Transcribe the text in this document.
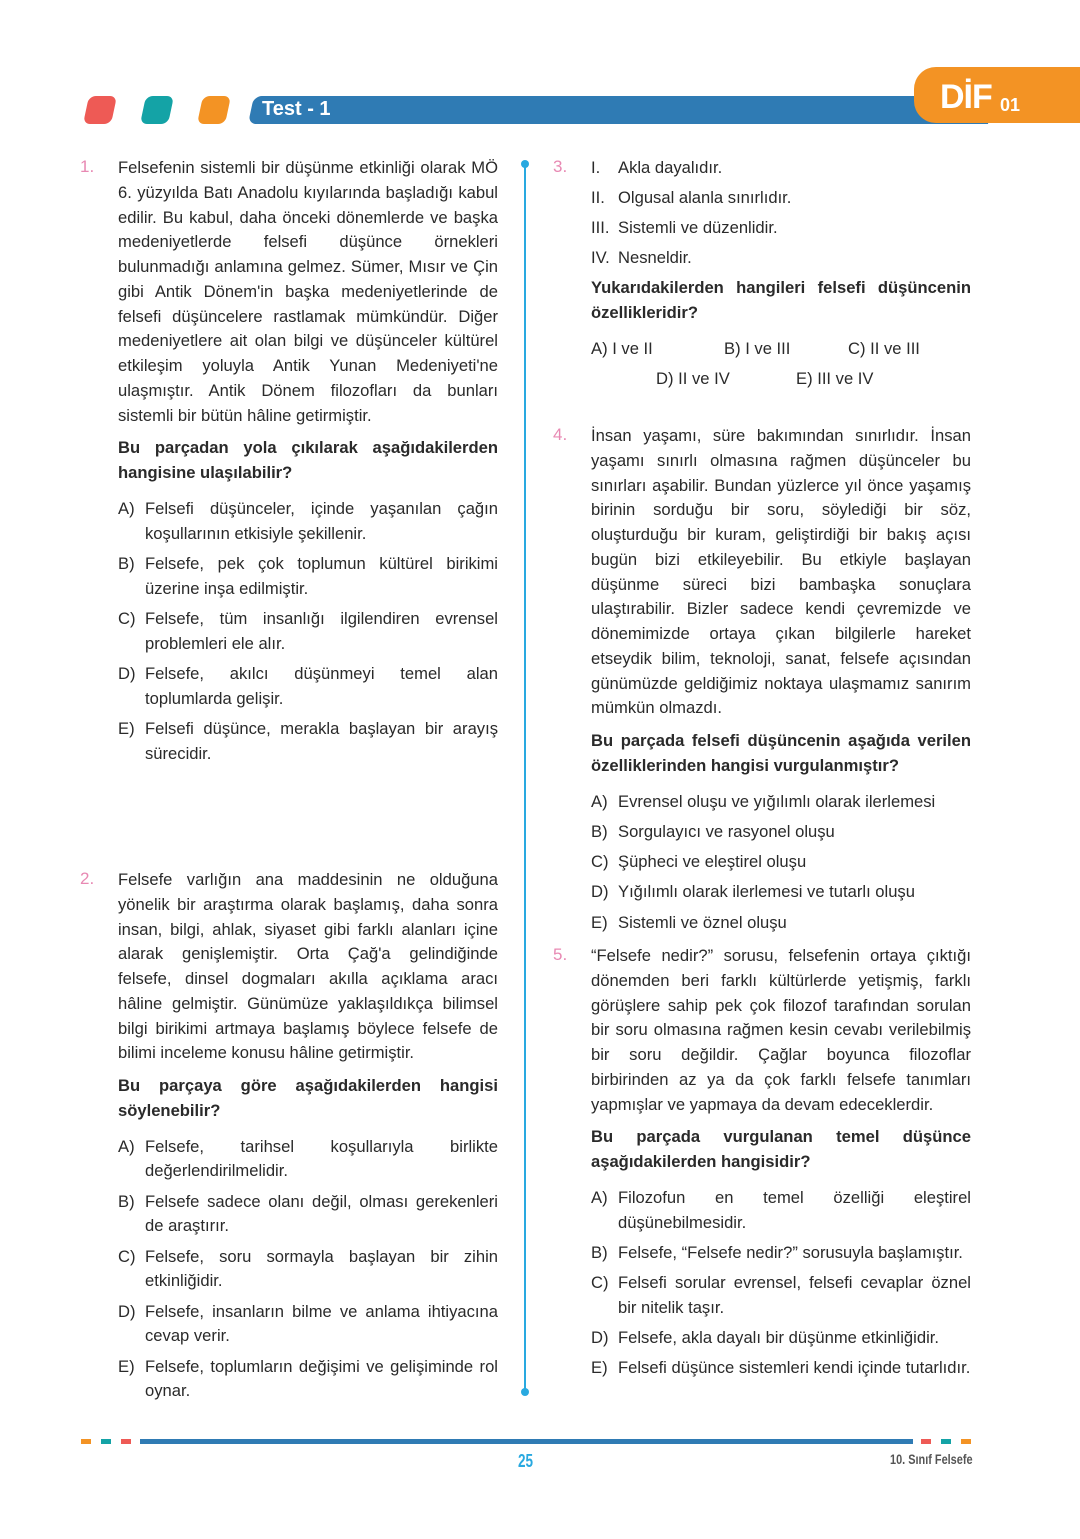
Test - 1	DİF 01
1. Felsefenin sistemli bir düşünme etkinliği olarak MÖ 6. yüzyılda Batı Anadolu kıyılarında başladığı kabul edilir. Bu kabul, daha önceki dönemlerde ve başka medeniyetlerde felsefi düşünce örnekleri bulunmadığı anlamına gelmez. Sümer, Mısır ve Çin gibi Antik Dönem'in başka medeniyetlerinde de felsefi düşüncelere rastlamak mümkündür. Diğer medeniyetlere ait olan bilgi ve düşünceler kültürel etkileşim yoluyla Antik Yunan Medeniyeti'ne ulaşmıştır. Antik Dönem filozofları da bunları sistemli bir bütün hâline getirmiştir.

Bu parçadan yola çıkılarak aşağıdakilerden hangisine ulaşılabilir?

A) Felsefi düşünceler, içinde yaşanılan çağın koşullarının etkisiyle şekillenir.
B) Felsefe, pek çok toplumun kültürel birikimi üzerine inşa edilmiştir.
C) Felsefe, tüm insanlığı ilgilendiren evrensel problemleri ele alır.
D) Felsefe, akılcı düşünmeyi temel alan toplumlarda gelişir.
E) Felsefi düşünce, merakla başlayan bir arayış sürecidir.
2. Felsefe varlığın ana maddesinin ne olduğuna yönelik bir araştırma olarak başlamış, daha sonra insan, bilgi, ahlak, siyaset gibi farklı alanları içine alarak genişlemiştir. Orta Çağ'a gelindiğinde felsefe, dinsel dogmaları akılla açıklama aracı hâline gelmiştir. Günümüze yaklaşıldıkça bilimsel bilgi birikimi artmaya başlamış böylece felsefe de bilimi inceleme konusu hâline getirmiştir.

Bu parçaya göre aşağıdakilerden hangisi söylenebilir?

A) Felsefe, tarihsel koşullarıyla birlikte değerlendirilmelidir.
B) Felsefe sadece olanı değil, olması gerekenleri de araştırır.
C) Felsefe, soru sormayla başlayan bir zihin etkinliğidir.
D) Felsefe, insanların bilme ve anlama ihtiyacına cevap verir.
E) Felsefe, toplumların değişimi ve gelişiminde rol oynar.
3. I.	Akla dayalıdır.
II. Olgusal alanla sınırlıdır.
III. Sistemli ve düzenlidir.
IV. Nesneldir.

Yukarıdakilerden hangileri felsefi düşüncenin özellikleridir?

A) I ve II	B) I ve III	C) II ve III
D) II ve IV	E) III ve IV
4. İnsan yaşamı, süre bakımından sınırlıdır. İnsan yaşamı sınırlı olmasına rağmen düşünceler bu sınırları aşabilir. Bundan yüzlerce yıl önce yaşamış birinin sorduğu bir soru, söylediği bir söz, oluşturduğu bir kuram, geliştirdiği bir bakış açısı bugün bizi etkileyebilir. Bu etkiyle başlayan düşünme süreci bizi bambaşka sonuçlara ulaştırabilir. Bizler sadece kendi çevremizde ve dönemimizde ortaya çıkan bilgilerle hareket etseydik bilim, teknoloji, sanat, felsefe açısından günümüzde geldiğimiz noktaya ulaşmamız sanırım mümkün olmazdı.

Bu parçada felsefi düşüncenin aşağıda verilen özelliklerinden hangisi vurgulanmıştır?

A) Evrensel oluşu ve yığılımlı olarak ilerlemesi
B) Sorgulayıcı ve rasyonel oluşu
C) Şüpheci ve eleştirel oluşu
D) Yığılımlı olarak ilerlemesi ve tutarlı oluşu
E) Sistemli ve öznel oluşu
5. “Felsefe nedir?” sorusu, felsefenin ortaya çıktığı dönemden beri farklı kültürlerde yetişmiş, farklı görüşlere sahip pek çok filozof tarafından sorulan bir soru olmasına rağmen kesin cevabı verilebilmiş bir soru değildir. Çağlar boyunca filozoflar birbirinden az ya da çok farklı felsefe tanımları yapmışlar ve yapmaya da devam edeceklerdir.

Bu parçada vurgulanan temel düşünce aşağıdakilerden hangisidir?

A) Filozofun en temel özelliği eleştirel düşünebilmesidir.
B) Felsefe, “Felsefe nedir?” sorusuyla başlamıştır.
C) Felsefi sorular evrensel, felsefi cevaplar öznel bir nitelik taşır.
D) Felsefe, akla dayalı bir düşünme etkinliğidir.
E) Felsefi düşünce sistemleri kendi içinde tutarlıdır.
25	10. Sınıf Felsefe
